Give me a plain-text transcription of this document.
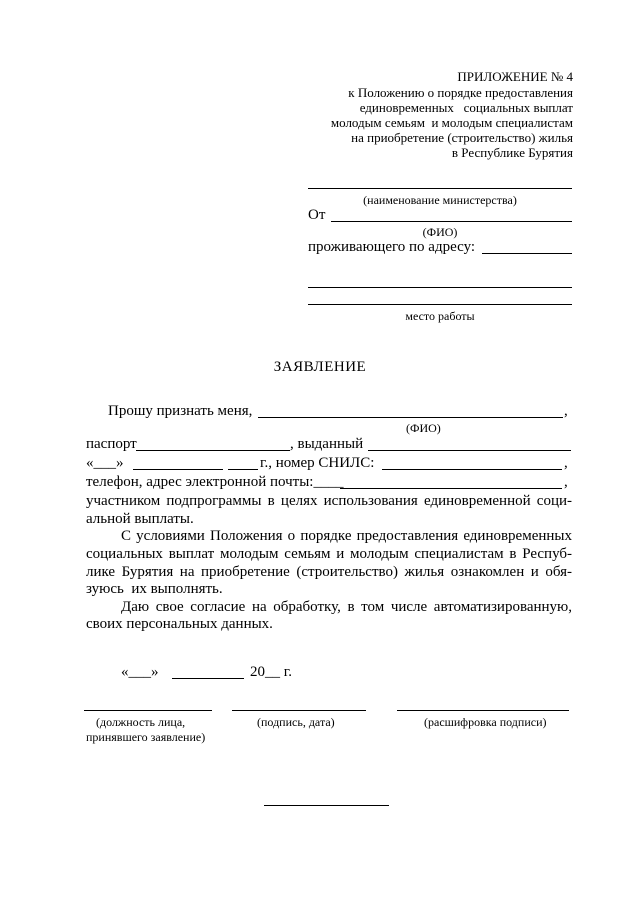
ПРИЛОЖЕНИЕ № 4
к Положению о порядке предоставления
единовременных   социальных выплат
молодым семьям  и молодым специалистам
на приобретение (строительство) жилья
в Республике Бурятия
(наименование министерства)
От
(ФИО)
проживающего по адресу:
место работы
ЗАЯВЛЕНИЕ
Прошу признать меня,	,
(ФИО)
паспорт	, выданный
«___»	г., номер СНИЛС:	,
телефон, адрес электронной почты:____	,
участником подпрограммы в целях использования единовременной соци-
альной выплаты.
С условиями Положения о порядке предоставления единовременных
социальных выплат молодым семьям и молодым специалистам в Респуб-
лике Бурятия на приобретение (строительство) жилья ознакомлен и обя-
зуюсь  их выполнять.
Даю свое согласие на обработку, в том числе автоматизированную,
своих персональных данных.
«___»	20__ г.
(должность лица,
принявшего заявление)
(подпись, дата)	(расшифровка подписи)
